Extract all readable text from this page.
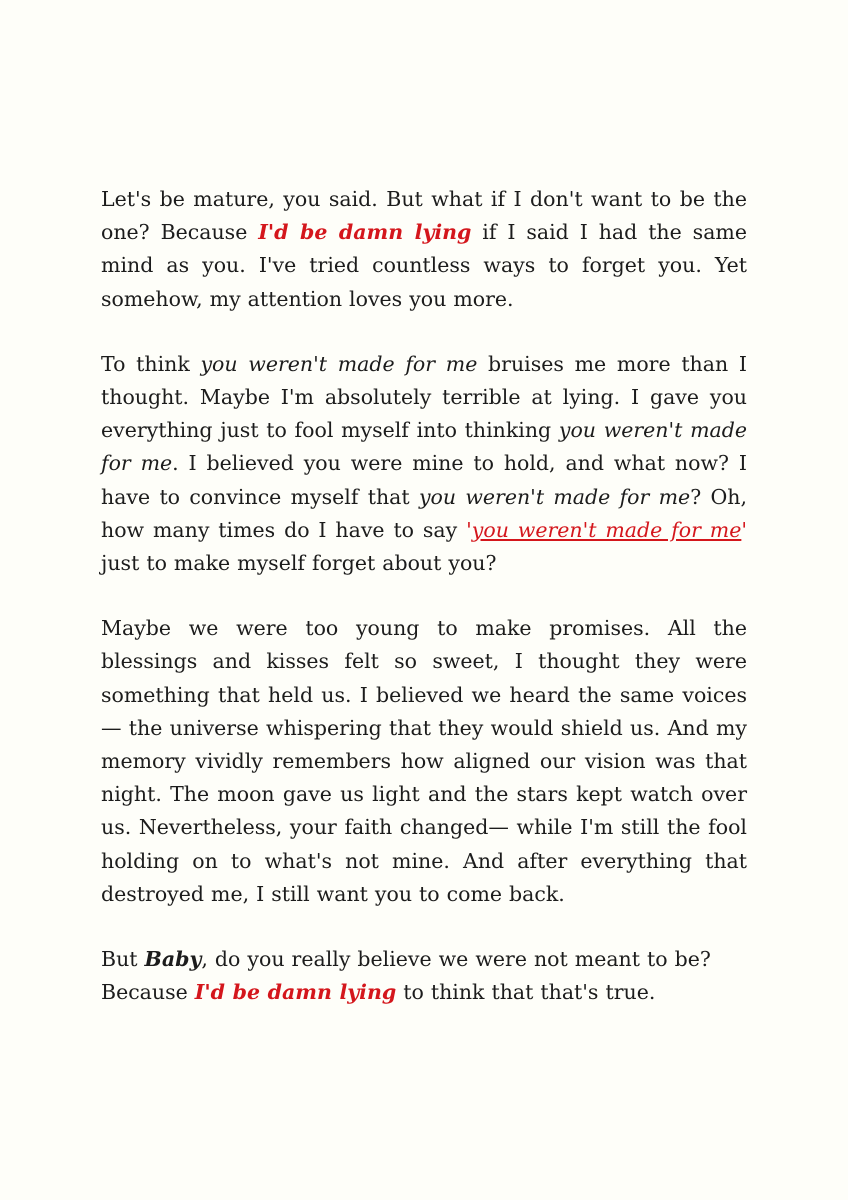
Let's be mature, you said. But what if I don't want to be the one? Because I'd be damn lying if I said I had the same mind as you. I've tried countless ways to forget you. Yet somehow, my attention loves you more.

To think you weren't made for me bruises me more than I thought. Maybe I'm absolutely terrible at lying. I gave you everything just to fool myself into thinking you weren't made for me. I believed you were mine to hold, and what now? I have to convince myself that you weren't made for me? Oh, how many times do I have to say 'you weren't made for me' just to make myself forget about you?

Maybe we were too young to make promises. All the blessings and kisses felt so sweet, I thought they were something that held us. I believed we heard the same voices— the universe whispering that they would shield us. And my memory vividly remembers how aligned our vision was that night. The moon gave us light and the stars kept watch over us. Nevertheless, your faith changed— while I'm still the fool holding on to what's not mine. And after everything that destroyed me, I still want you to come back.

But Baby, do you really believe we were not meant to be?
Because I'd be damn lying to think that that's true.
